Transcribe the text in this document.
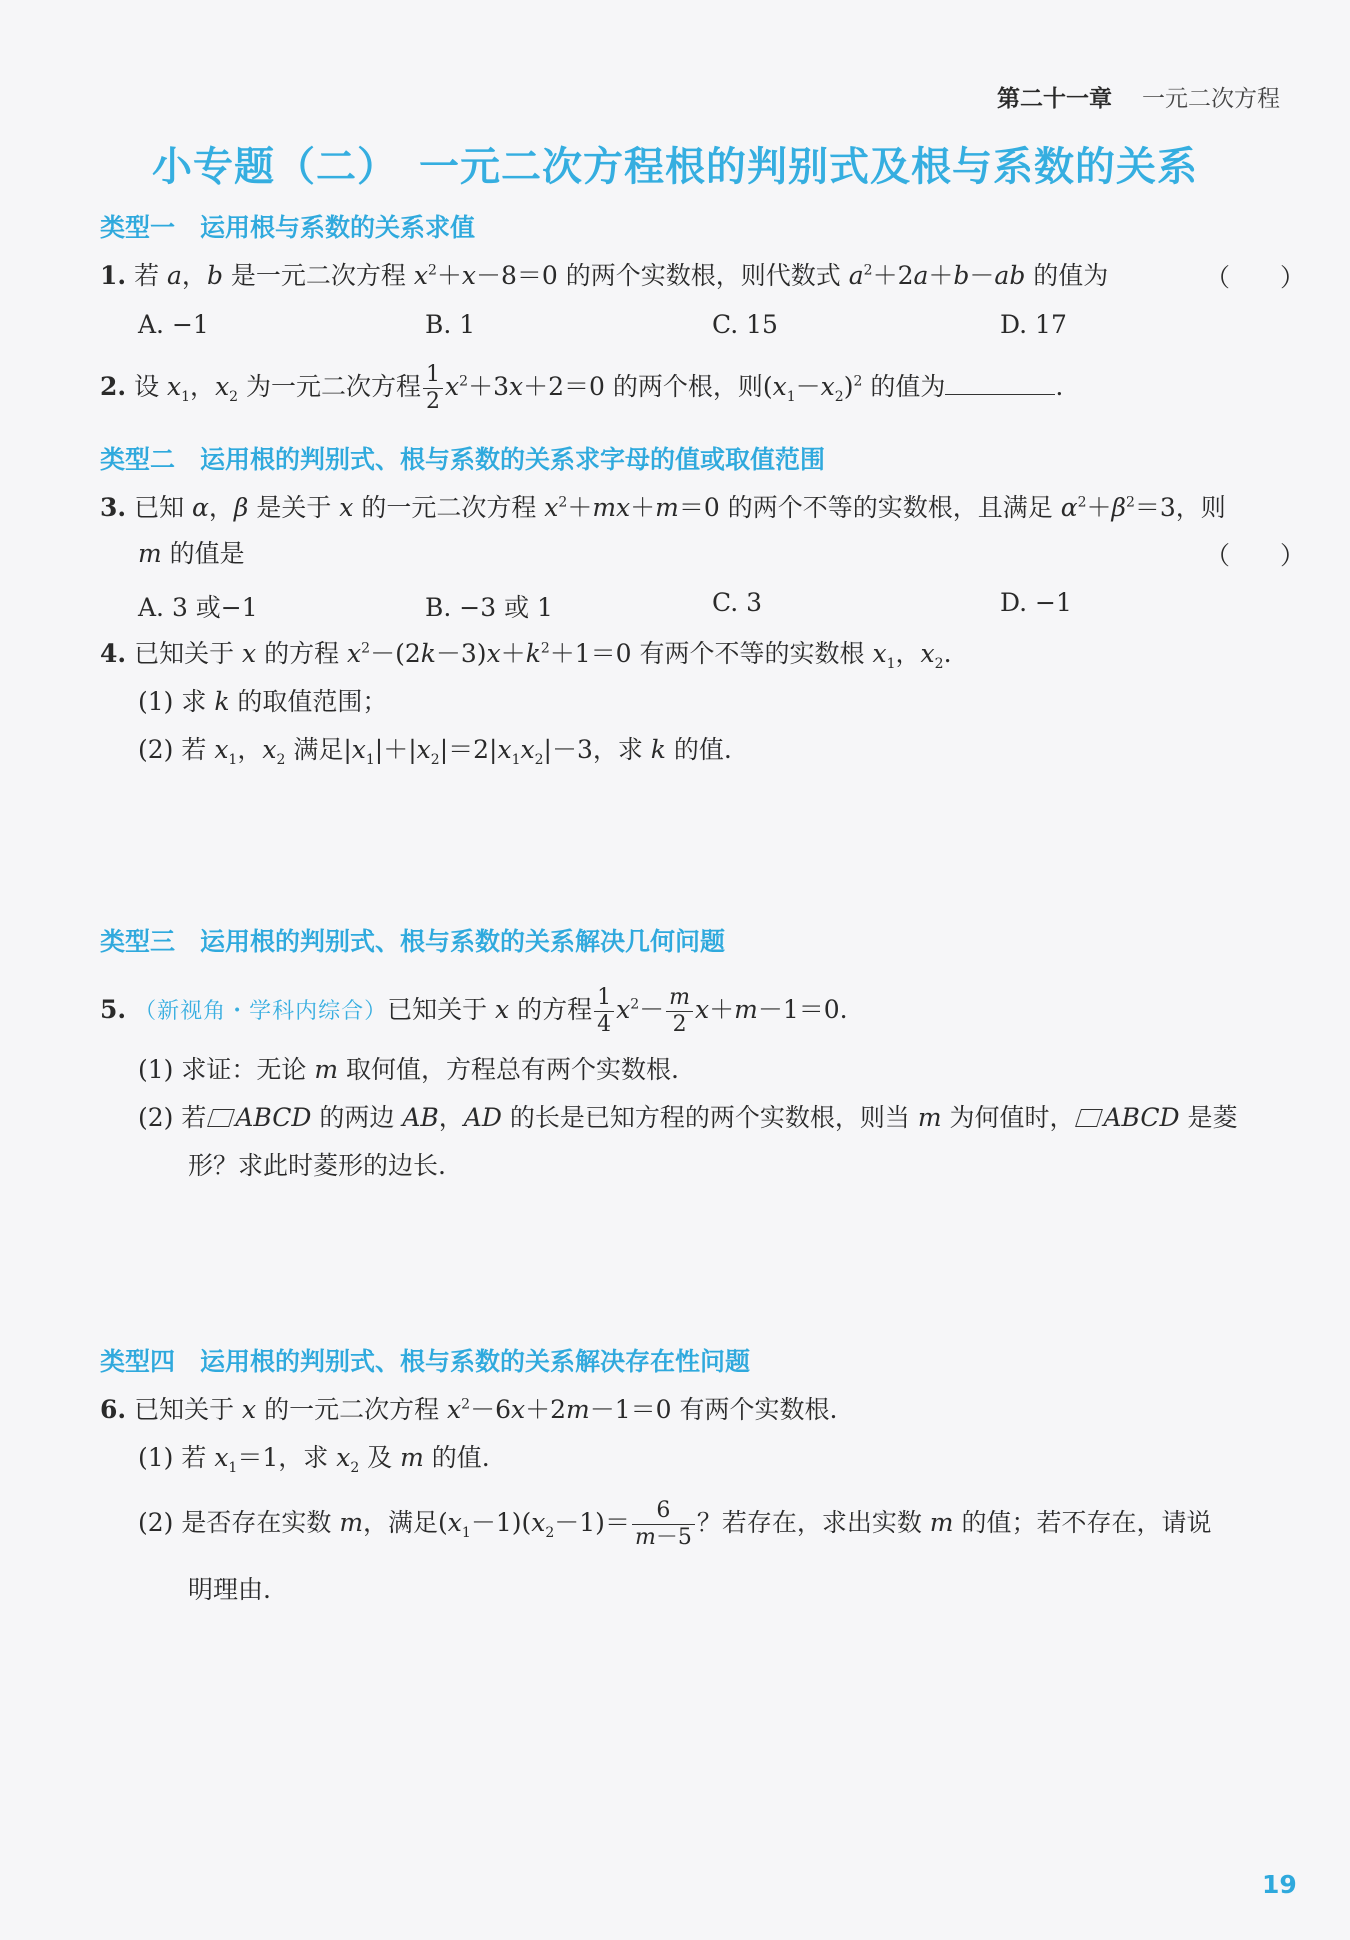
第二十一章 一元二次方程
小专题（二）　一元二次方程根的判别式及根与系数的关系
类型一　运用根与系数的关系求值
1. 若 a，b 是一元二次方程 $x^2+x-8=0$ 的两个实数根，则代数式 $a^2+2a+b-ab$ 的值为	（　　）
A. −1	B. 1	C. 15	D. 17
2. 设 $x_1$，$x_2$ 为一元二次方程 $\frac{1}{2} x^2+3x+2=0$ 的两个根，则$(x_1-x_2)^2$ 的值为	.
类型二　运用根的判别式、根与系数的关系求字母的值或取值范围
3. 已知 α，β 是关于 x 的一元二次方程 $x^2+mx+m=0$ 的两个不等的实数根，且满足 $\alpha^2+\beta^2=3$，则
m 的值是	（　　）
A. 3 或−1	B. −3 或 1	C. 3	D. −1
4. 已知关于 x 的方程 $x^2-(2k-3)x+k^2+1=0$ 有两个不等的实数根 $x_1$，$x_2$.
(1) 求 k 的取值范围；
(2) 若 $x_1$，$x_2$ 满足$|x_1|+|x_2|=2|x_1x_2|-3$，求 k 的值.
类型三　运用根的判别式、根与系数的关系解决几何问题
5. （新视角・学科内综合）已知关于 x 的方程 $\frac{1}{4} x^2- \frac{m}{2} x+m-1=0$.
(1) 求证：无论 m 取何值，方程总有两个实数根.
(2) 若 ABCD 的两边 AB，AD 的长是已知方程的两个实数根，则当 m 为何值时， ABCD 是菱
形？求此时菱形的边长.
类型四　运用根的判别式、根与系数的关系解决存在性问题
6. 已知关于 x 的一元二次方程 $x^2-6x+2m-1=0$ 有两个实数根.
(1) 若 $x_1=1$，求 $x_2$ 及 m 的值.
(2) 是否存在实数 m，满足$(x_1-1)(x_2-1)= \frac{6}{m-5}$ ？若存在，求出实数 m 的值；若不存在，请说
明理由.
19
